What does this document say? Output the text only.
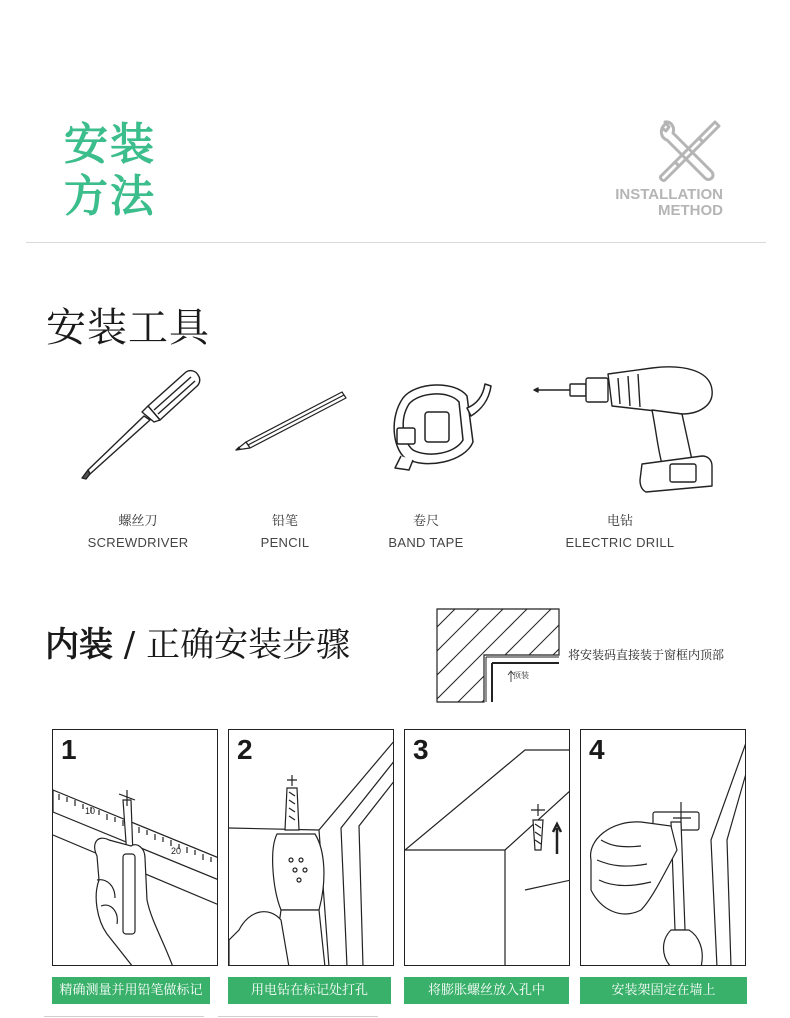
安装
方法	INSTALLATION
METHOD
安装工具
螺丝刀
SCREWDRIVER
铅笔
PENCIL
卷尺
BAND TAPE
电钻
ELECTRIC DRILL
内装 / 正确安装步骤
顶装
将安装码直接装于窗框内顶部
10
20
1	2	3	4
精确测量并用铅笔做标记	用电钻在标记处打孔	将膨胀螺丝放入孔中	安装架固定在墙上
